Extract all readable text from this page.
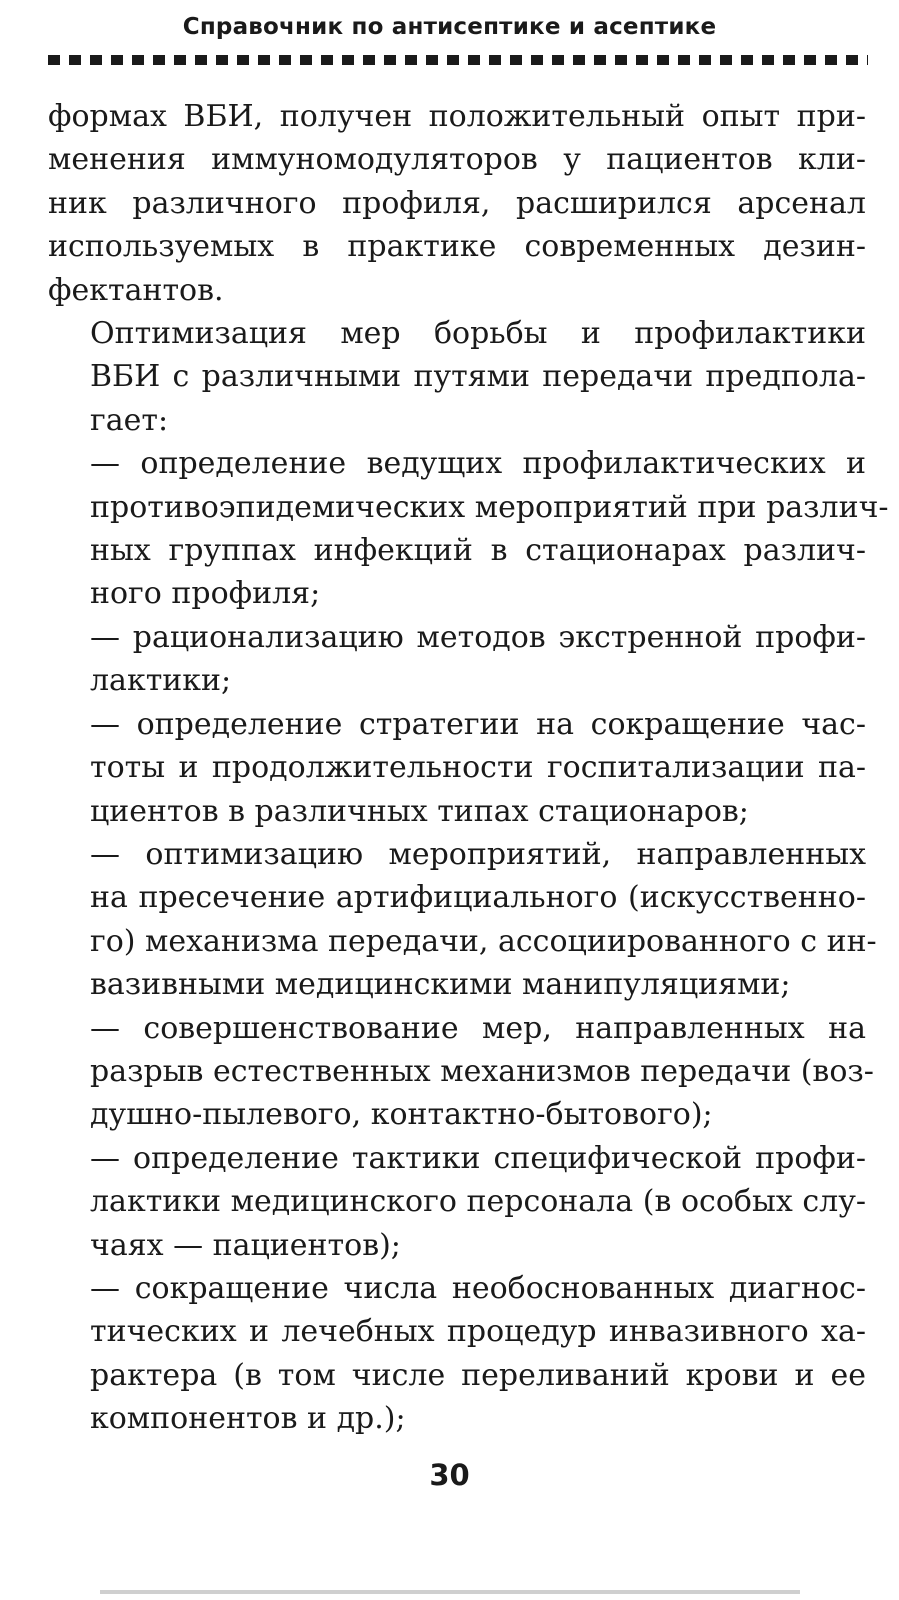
Справочник по антисептике и асептике

формах ВБИ, получен положительный опыт при-
менения иммуномодуляторов у пациентов кли-
ник различного профиля, расширился арсенал
используемых в практике современных дезин-
фектантов.

Оптимизация мер борьбы и профилактики
ВБИ с различными путями передачи предпола-
гает:

— определение ведущих профилактических и
противоэпидемических мероприятий при различ-
ных группах инфекций в стационарах различ-
ного профиля;

— рационализацию методов экстренной профи-
лактики;

— определение стратегии на сокращение час-
тоты и продолжительности госпитализации па-
циентов в различных типах стационаров;

— оптимизацию мероприятий, направленных
на пресечение артифициального (искусственно-
го) механизма передачи, ассоциированного с ин-
вазивными медицинскими манипуляциями;

— совершенствование мер, направленных на
разрыв естественных механизмов передачи (воз-
душно-пылевого, контактно-бытового);

— определение тактики специфической профи-
лактики медицинского персонала (в особых слу-
чаях — пациентов);

— сокращение числа необоснованных диагнос-
тических и лечебных процедур инвазивного ха-
рактера (в том числе переливаний крови и ее
компонентов и др.);

30
